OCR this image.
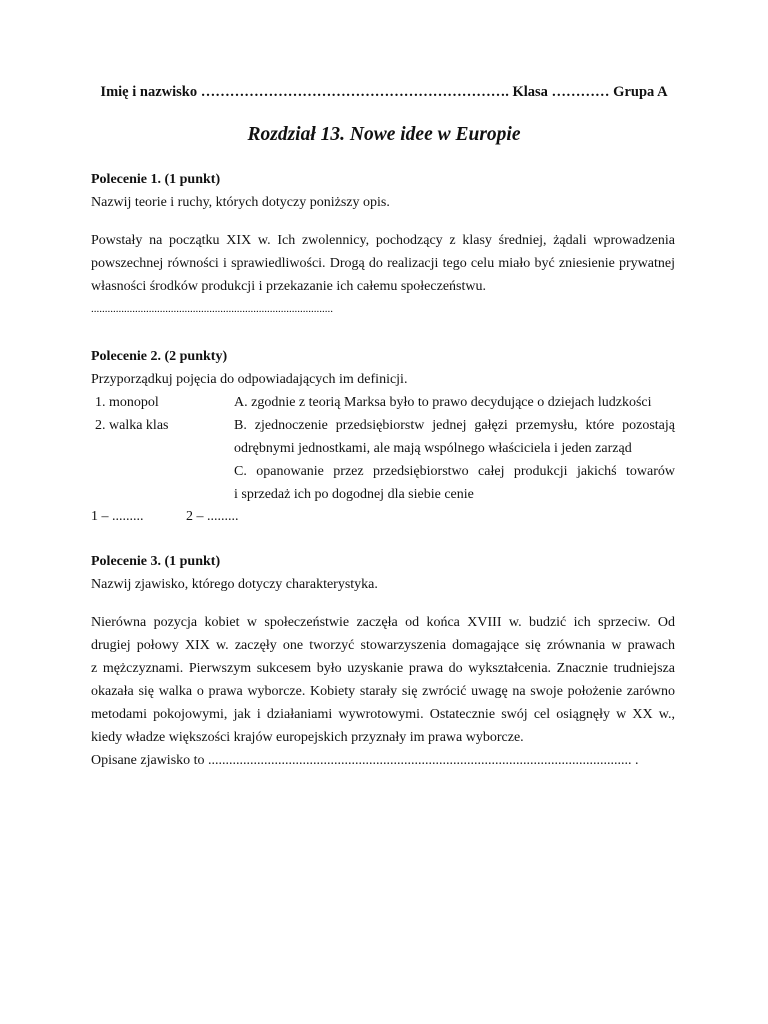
Imię i nazwisko ………………………………………………………. Klasa ………… Grupa A
Rozdział 13. Nowe idee w Europie
Polecenie 1. (1 punkt)
Nazwij teorie i ruchy, których dotyczy poniższy opis.
Powstały na początku XIX w. Ich zwolennicy, pochodzący z klasy średniej, żądali wprowadzenia
powszechnej równości i sprawiedliwości. Drogą do realizacji tego celu miało być zniesienie prywatnej
własności środków produkcji i przekazanie ich całemu społeczeństwu.
........................................................................................
Polecenie 2. (2 punkty)
Przyporządkuj pojęcia do odpowiadających im definicji.
1. monopol	A. zgodnie z teorią Marksa było to prawo decydujące o dziejach ludzkości
2. walka klas	B. zjednoczenie przedsiębiorstw jednej gałęzi przemysłu, które pozostają
odrębnymi jednostkami, ale mają wspólnego właściciela i jeden zarząd
C. opanowanie przez przedsiębiorstwo całej produkcji jakichś towarów
i sprzedaż ich po dogodnej dla siebie cenie
1 – .........	2 – .........
Polecenie 3. (1 punkt)
Nazwij zjawisko, którego dotyczy charakterystyka.
Nierówna pozycja kobiet w społeczeństwie zaczęła od końca XVIII w. budzić ich sprzeciw. Od
drugiej połowy XIX w. zaczęły one tworzyć stowarzyszenia domagające się zrównania w prawach
z mężczyznami. Pierwszym sukcesem było uzyskanie prawa do wykształcenia. Znacznie trudniejsza
okazała się walka o prawa wyborcze. Kobiety starały się zwrócić uwagę na swoje położenie zarówno
metodami pokojowymi, jak i działaniami wywrotowymi. Ostatecznie swój cel osiągnęły w XX w.,
kiedy władze większości krajów europejskich przyznały im prawa wyborcze.
Opisane zjawisko to ......................................................................................................................... .
